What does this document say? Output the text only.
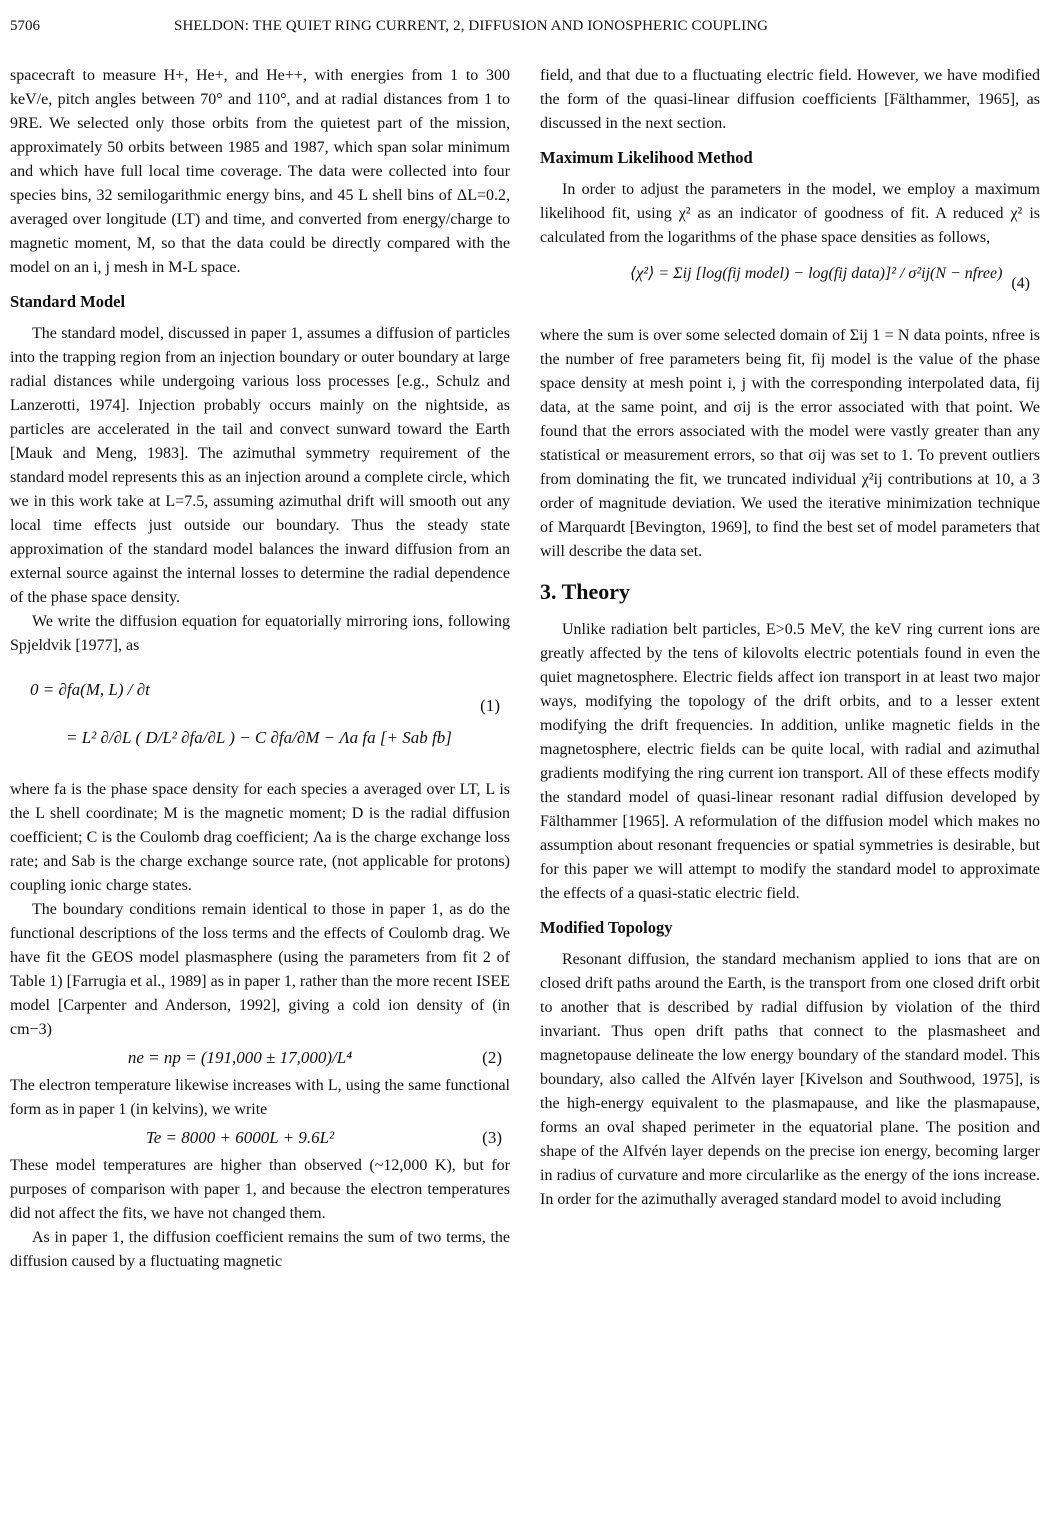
5706	SHELDON: THE QUIET RING CURRENT, 2, DIFFUSION AND IONOSPHERIC COUPLING

spacecraft to measure H+, He+, and He++, with energies from 1 to 300 keV/e, pitch angles between 70° and 110°, and at radial distances from 1 to 9RE. We selected only those orbits from the quietest part of the mission, approximately 50 orbits between 1985 and 1987, which span solar minimum and which have full local time coverage. The data were collected into four species bins, 32 semilogarithmic energy bins, and 45 L shell bins of ΔL=0.2, averaged over longitude (LT) and time, and converted from energy/charge to magnetic moment, M, so that the data could be directly compared with the model on an i, j mesh in M-L space.

Standard Model

The standard model, discussed in paper 1, assumes a diffusion of particles into the trapping region from an injection boundary or outer boundary at large radial distances while undergoing various loss processes [e.g., Schulz and Lanzerotti, 1974]. Injection probably occurs mainly on the nightside, as particles are accelerated in the tail and convect sunward toward the Earth [Mauk and Meng, 1983]. The azimuthal symmetry requirement of the standard model represents this as an injection around a complete circle, which we in this work take at L=7.5, assuming azimuthal drift will smooth out any local time effects just outside our boundary. Thus the steady state approximation of the standard model balances the inward diffusion from an external source against the internal losses to determine the radial dependence of the phase space density.

We write the diffusion equation for equatorially mirroring ions, following Spjeldvik [1977], as

0 = ∂fa(M, L) / ∂t
= L² ∂/∂L ( D/L² ∂fa/∂L ) − C ∂fa/∂M − Λa fa [+ Sab fb]
(1)

where fa is the phase space density for each species a averaged over LT, L is the L shell coordinate; M is the magnetic moment; D is the radial diffusion coefficient; C is the Coulomb drag coefficient; Λa is the charge exchange loss rate; and Sab is the charge exchange source rate, (not applicable for protons) coupling ionic charge states.

The boundary conditions remain identical to those in paper 1, as do the functional descriptions of the loss terms and the effects of Coulomb drag. We have fit the GEOS model plasmasphere (using the parameters from fit 2 of Table 1) [Farrugia et al., 1989] as in paper 1, rather than the more recent ISEE model [Carpenter and Anderson, 1992], giving a cold ion density of (in cm−3)

ne = np = (191,000 ± 17,000)/L⁴	(2)

The electron temperature likewise increases with L, using the same functional form as in paper 1 (in kelvins), we write

Te = 8000 + 6000L + 9.6L²	(3)

These model temperatures are higher than observed (~12,000 K), but for purposes of comparison with paper 1, and because the electron temperatures did not affect the fits, we have not changed them.

As in paper 1, the diffusion coefficient remains the sum of two terms, the diffusion caused by a fluctuating magnetic

field, and that due to a fluctuating electric field. However, we have modified the form of the quasi-linear diffusion coefficients [Fälthammer, 1965], as discussed in the next section.

Maximum Likelihood Method

In order to adjust the parameters in the model, we employ a maximum likelihood fit, using χ² as an indicator of goodness of fit. A reduced χ² is calculated from the logarithms of the phase space densities as follows,

⟨χ²⟩ = Σij [log(fij model) − log(fij data)]² / σ²ij(N − nfree)
(4)

where the sum is over some selected domain of Σij 1 = N data points, nfree is the number of free parameters being fit, fij model is the value of the phase space density at mesh point i, j with the corresponding interpolated data, fij data, at the same point, and σij is the error associated with that point. We found that the errors associated with the model were vastly greater than any statistical or measurement errors, so that σij was set to 1. To prevent outliers from dominating the fit, we truncated individual χ²ij contributions at 10, a 3 order of magnitude deviation. We used the iterative minimization technique of Marquardt [Bevington, 1969], to find the best set of model parameters that will describe the data set.

3. Theory

Unlike radiation belt particles, E>0.5 MeV, the keV ring current ions are greatly affected by the tens of kilovolts electric potentials found in even the quiet magnetosphere. Electric fields affect ion transport in at least two major ways, modifying the topology of the drift orbits, and to a lesser extent modifying the drift frequencies. In addition, unlike magnetic fields in the magnetosphere, electric fields can be quite local, with radial and azimuthal gradients modifying the ring current ion transport. All of these effects modify the standard model of quasi-linear resonant radial diffusion developed by Fälthammer [1965]. A reformulation of the diffusion model which makes no assumption about resonant frequencies or spatial symmetries is desirable, but for this paper we will attempt to modify the standard model to approximate the effects of a quasi-static electric field.

Modified Topology

Resonant diffusion, the standard mechanism applied to ions that are on closed drift paths around the Earth, is the transport from one closed drift orbit to another that is described by radial diffusion by violation of the third invariant. Thus open drift paths that connect to the plasmasheet and magnetopause delineate the low energy boundary of the standard model. This boundary, also called the Alfvén layer [Kivelson and Southwood, 1975], is the high-energy equivalent to the plasmapause, and like the plasmapause, forms an oval shaped perimeter in the equatorial plane. The position and shape of the Alfvén layer depends on the precise ion energy, becoming larger in radius of curvature and more circularlike as the energy of the ions increase. In order for the azimuthally averaged standard model to avoid including
